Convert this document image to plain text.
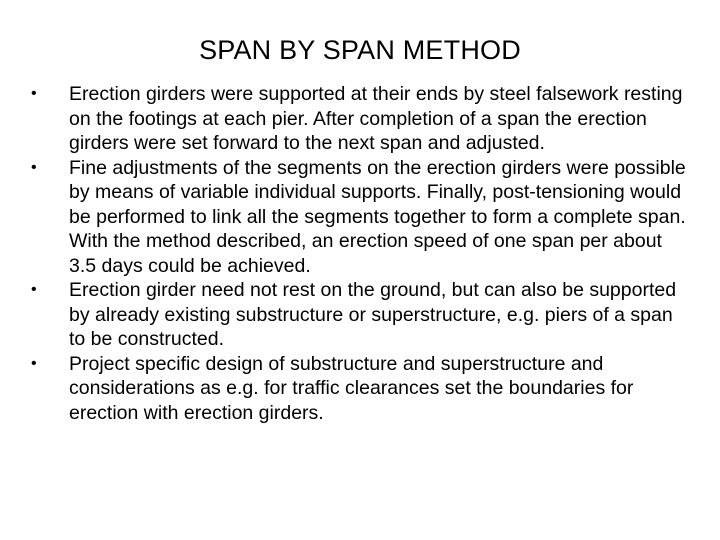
SPAN BY SPAN METHOD
• Erection girders were supported at their ends by steel falsework resting on the footings at each pier. After completion of a span the erection girders were set forward to the next span and adjusted.
• Fine adjustments of the segments on the erection girders were possible by means of variable individual supports. Finally, post-tensioning would be performed to link all the segments together to form a complete span. With the method described, an erection speed of one span per about 3.5 days could be achieved.
• Erection girder need not rest on the ground, but can also be supported by already existing substructure or superstructure, e.g. piers of a span to be constructed.
• Project specific design of substructure and superstructure and considerations as e.g. for traffic clearances set the boundaries for erection with erection girders.
